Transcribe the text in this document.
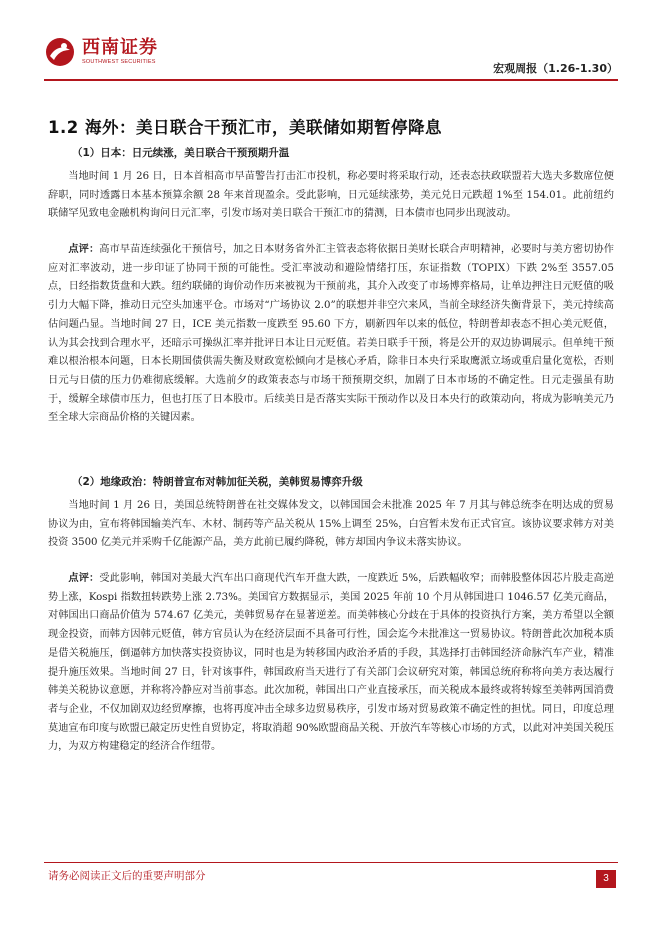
西南证券
SOUTHWEST SECURITIES	宏观周报（1.26-1.30）
1.2 海外：美日联合干预汇市，美联储如期暂停降息
（1）日本：日元续涨，美日联合干预预期升温

当地时间 1 月 26 日，日本首相高市早苗警告打击汇市投机，称必要时将采取行动，还表态扶政联盟若大选夫多数席位便辞职，同时透露日本基本预算余额 28 年来首现盈余。受此影响，日元延续涨势，美元兑日元跌超 1%至 154.01。此前纽约联储罕见致电金融机构询问日元汇率，引发市场对美日联合干预汇市的猜测，日本债市也同步出现波动。

点评：高市早苗连续强化干预信号，加之日本财务省外汇主管表态将依据日美财长联合声明精神，必要时与美方密切协作应对汇率波动，进一步印证了协同干预的可能性。受汇率波动和避险情绪打压，东证指数（TOPIX）下跌 2%至 3557.05 点，日经指数货盘和大跌。纽约联储的询价动作历来被视为干预前兆，其介入改变了市场博弈格局，让单边押注日元贬值的吸引力大幅下降，推动日元空头加速平仓。市场对“广场协议 2.0”的联想并非空穴来风，当前全球经济失衡背景下，美元持续高估问题凸显。当地时间 27 日，ICE 美元指数一度跌至 95.60 下方，刷新四年以来的低位，特朗普却表态不担心美元贬值，认为其会找到合理水平，还暗示可操纵汇率并批评日本让日元贬值。若美日联手干预，将是公开的双边协调展示。但单纯干预难以根治根本问题，日本长期国债供需失衡及财政宽松倾向才是核心矛盾，除非日本央行采取鹰派立场或重启量化宽松，否则日元与日债的压力仍难彻底缓解。大选前夕的政策表态与市场干预预期交织，加剧了日本市场的不确定性。日元走强虽有助于，缓解全球债市压力，但也打压了日本股市。后续美日是否落实实际干预动作以及日本央行的政策动向，将成为影响美元乃至全球大宗商品价格的关键因素。

（2）地缘政治：特朗普宣布对韩加征关税，美韩贸易博弈升级

当地时间 1 月 26 日，美国总统特朗普在社交媒体发文，以韩国国会未批准 2025 年 7 月其与韩总统李在明达成的贸易协议为由，宣布将韩国输美汽车、木材、制药等产品关税从 15%上调至 25%，白宫暂未发布正式官宣。该协议要求韩方对美投资 3500 亿美元并采购千亿能源产品，美方此前已履约降税，韩方却国内争议未落实协议。

点评：受此影响，韩国对美最大汽车出口商现代汽车开盘大跌，一度跌近 5%，后跌幅收窄；而韩股整体因芯片股走高逆势上涨，Kospi 指数扭转跌势上涨 2.73%。美国官方数据显示，美国 2025 年前 10 个月从韩国进口 1046.57 亿美元商品，对韩国出口商品价值为 574.67 亿美元，美韩贸易存在显著逆差。而美韩核心分歧在于具体的投资执行方案，美方希望以全额现金投资，而韩方因韩元贬值，韩方官员认为在经济层面不具备可行性，国会迄今未批准这一贸易协议。特朗普此次加税本质是借关税施压，倒逼韩方加快落实投资协议，同时也是为转移国内政治矛盾的手段，其选择打击韩国经济命脉汽车产业，精准提升施压效果。当地时间 27 日，针对该事件，韩国政府当天进行了有关部门会议研究对策，韩国总统府称将向美方表达履行韩美关税协议意愿，并称将冷静应对当前事态。此次加税，韩国出口产业直接承压，而关税成本最终或将转嫁至美韩两国消费者与企业，不仅加剧双边经贸摩擦，也将再度冲击全球多边贸易秩序，引发市场对贸易政策不确定性的担忧。同日，印度总理莫迪宣布印度与欧盟已敲定历史性自贸协定，将取消超 90%欧盟商品关税、开放汽车等核心市场的方式，以此对冲美国关税压力，为双方构建稳定的经济合作纽带。

请务必阅读正文后的重要声明部分	3
